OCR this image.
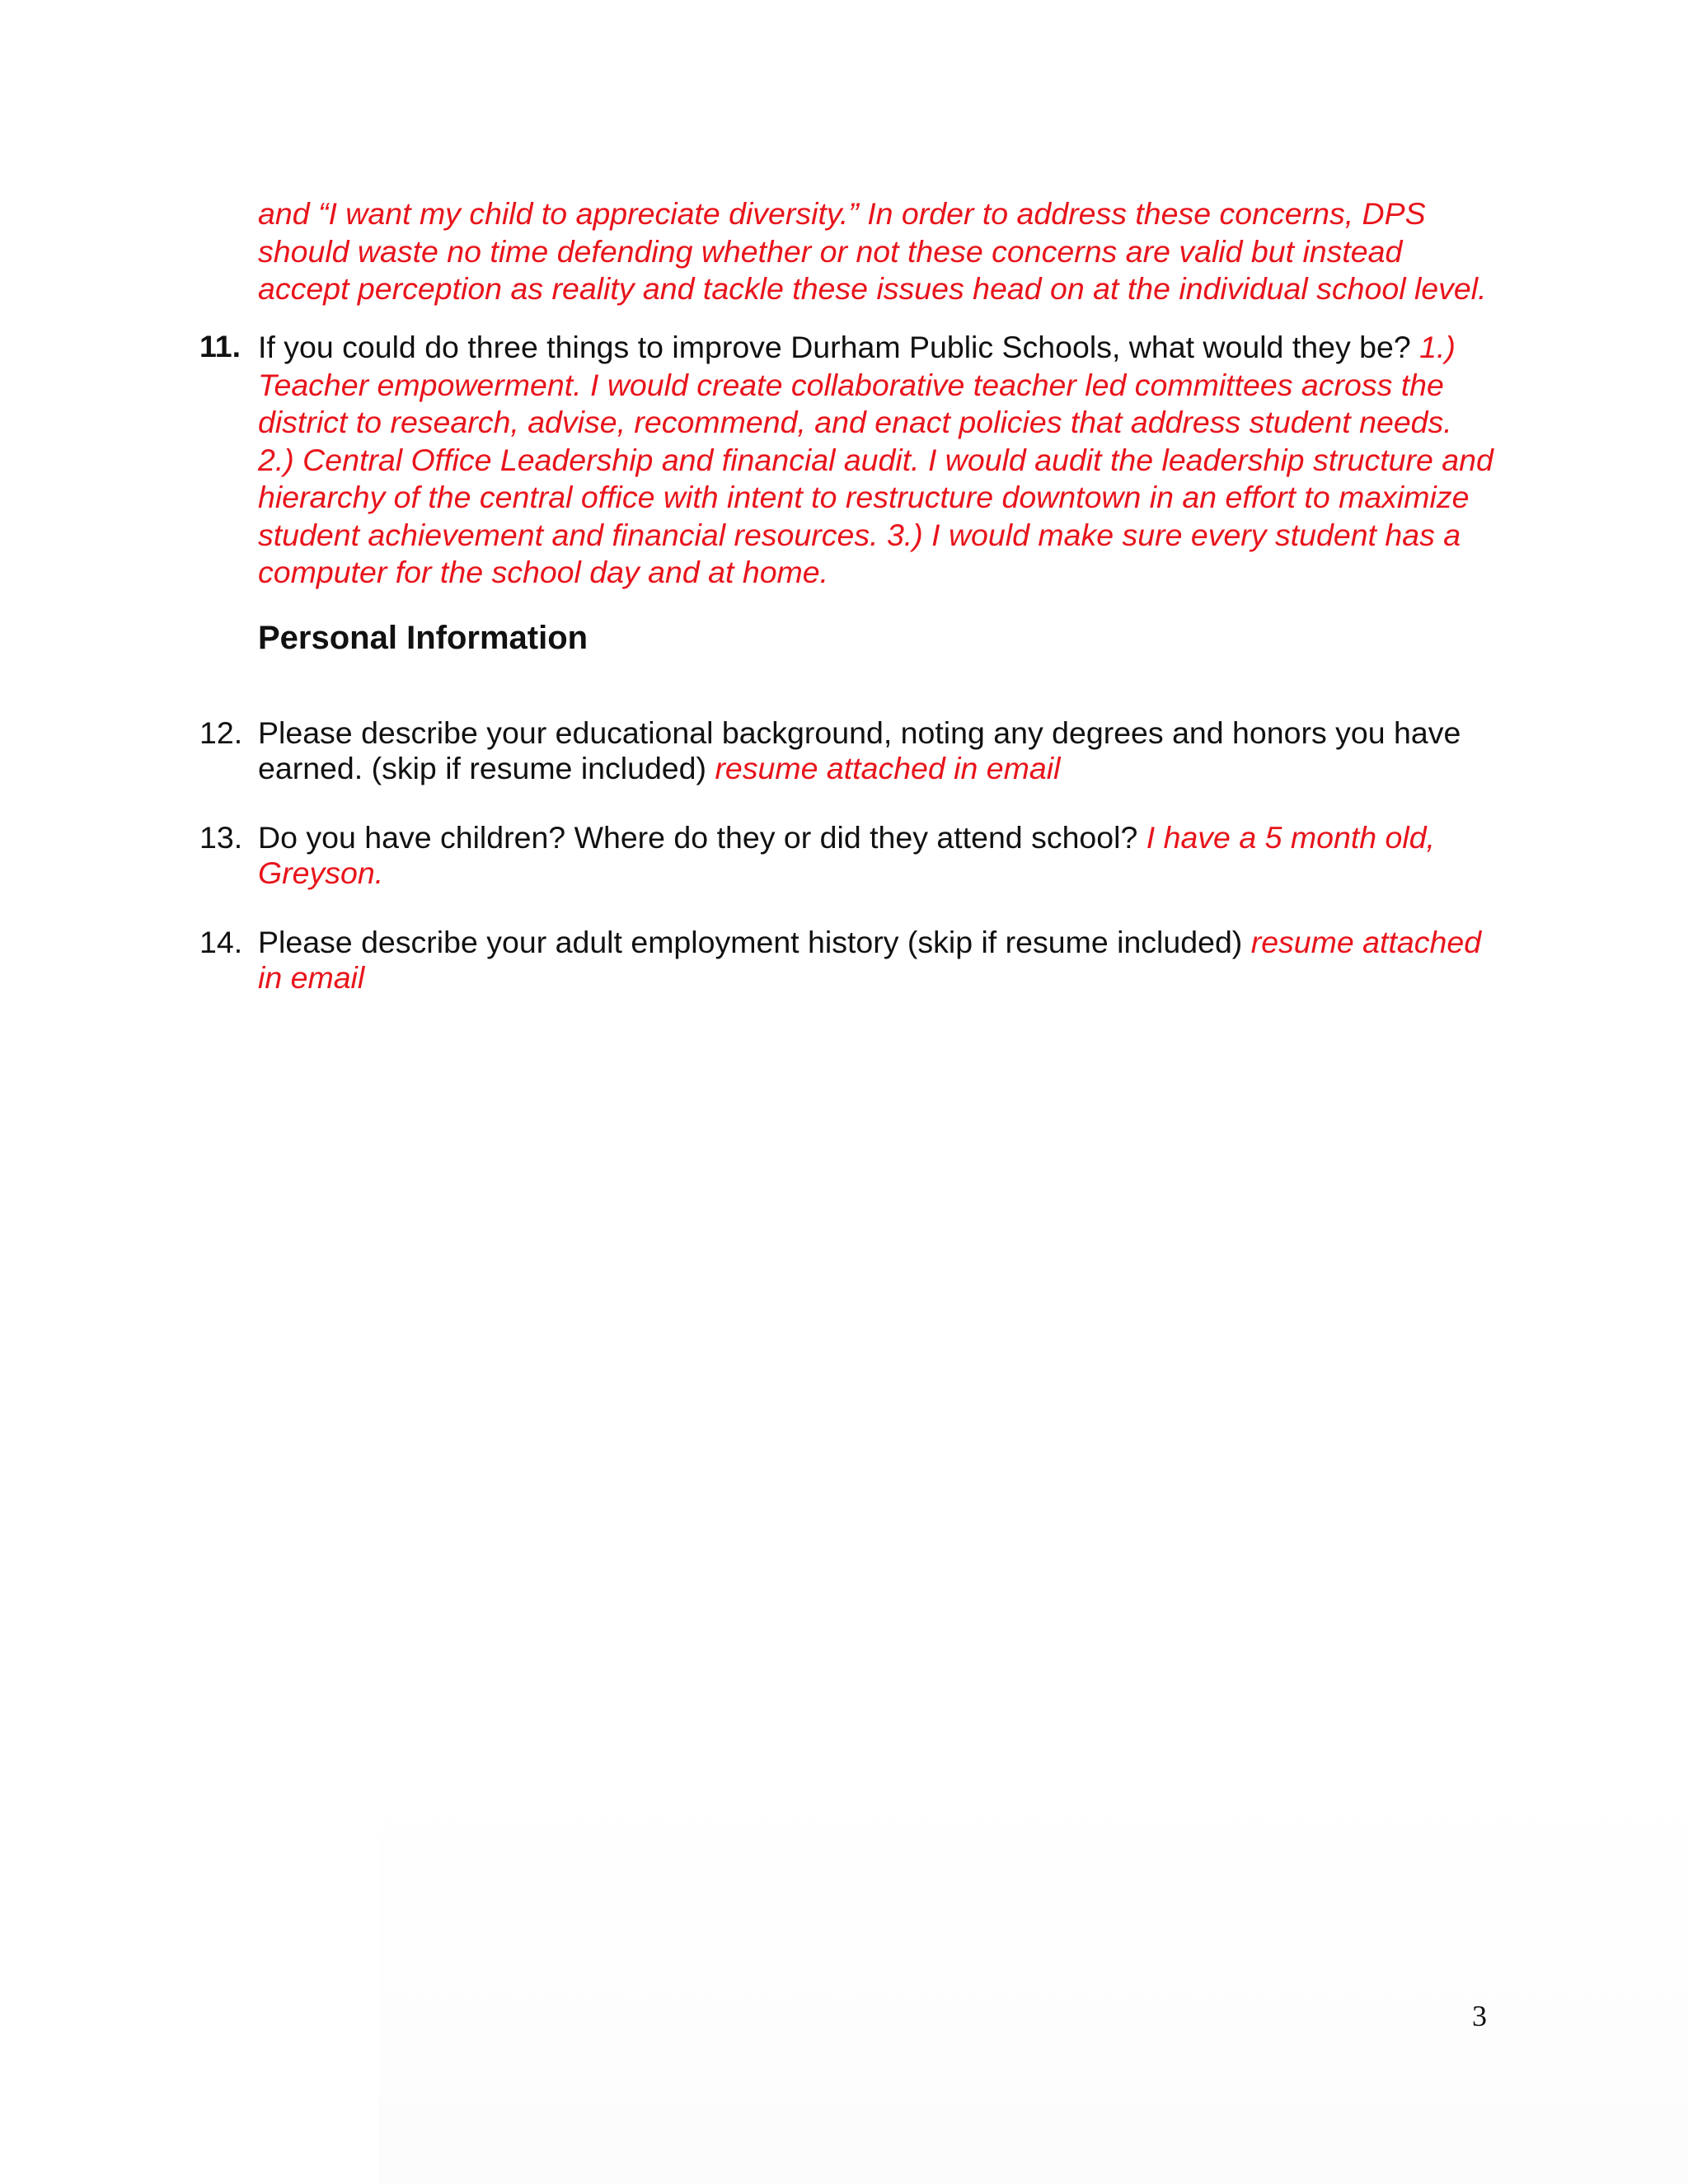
and “I want my child to appreciate diversity.” In order to address these concerns, DPS should waste no time defending whether or not these concerns are valid but instead accept perception as reality and tackle these issues head on at the individual school level.

11. If you could do three things to improve Durham Public Schools, what would they be? 1.) Teacher empowerment. I would create collaborative teacher led committees across the district to research, advise, recommend, and enact policies that address student needs. 2.) Central Office Leadership and financial audit. I would audit the leadership structure and hierarchy of the central office with intent to restructure downtown in an effort to maximize student achievement and financial resources. 3.) I would make sure every student has a computer for the school day and at home.
Personal Information
12. Please describe your educational background, noting any degrees and honors you have earned. (skip if resume included) resume attached in email
13. Do you have children? Where do they or did they attend school? I have a 5 month old, Greyson.
14. Please describe your adult employment history (skip if resume included) resume attached in email
3
